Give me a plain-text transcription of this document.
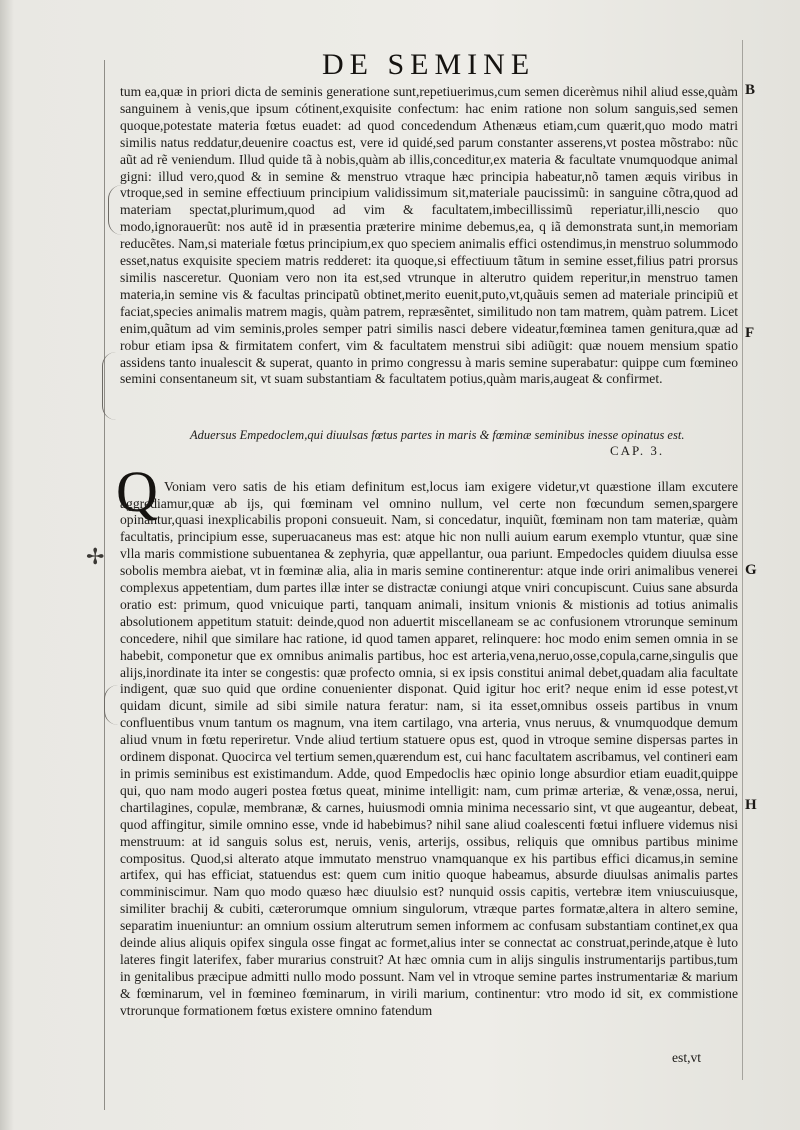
DE SEMINE

tum ea,quæ in priori dicta de seminis generatione sunt,repetiuerimus,cum semen dicerèmus nihil aliud esse,quàm sanguinem à venis,que ipsum cótinent,exquisite confectum: hac enim ratione non solum sanguis,sed semen quoque,potestate materia fœtus euadet: ad quod concedendum Athenæus etiam,cum quærit,quo modo matri similis natus reddatur,deuenire coactus est, vere id quidé,sed parum constanter asserens,vt postea mõstrabo: nũc aũt ad rẽ veniendum. Illud quide tã à nobis,quàm ab illis,conceditur,ex materia & facultate vnumquodque animal gigni: illud vero,quod & in semine & menstruo vtraque hæc principia habeatur,nõ tamen æquis viribus in vtroque,sed in semine effectiuum principium validissimum sit,materiale paucissimũ: in sanguine cõtra,quod ad materiam spectat,plurimum,quod ad vim & facultatem,imbecillissimũ reperiatur,illi,nescio quo modo,ignorauerũt: nos autẽ id in præsentia præterire minime debemus,ea, q iã demonstrata sunt,in memoriam reducẽtes. Nam,si materiale fœtus principium,ex quo speciem animalis effici ostendimus,in menstruo solummodo esset,natus exquisite speciem matris redderet: ita quoque,si effectiuum tãtum in semine esset,filius patri prorsus similis nasceretur. Quoniam vero non ita est,sed vtrunque in alterutro quidem reperitur,in menstruo tamen materia,in semine vis & facultas principatũ obtinet,merito euenit,puto,vt,quãuis semen ad materiale principiũ et faciat,species animalis matrem magis, quàm patrem, repræsẽntet, similitudo non tam matrem, quàm patrem. Licet enim,quãtum ad vim seminis,proles semper patri similis nasci debere videatur,fœminea tamen genitura,quæ ad robur etiam ipsa & firmitatem confert, vim & facultatem menstrui sibi adiũgit: quæ nouem mensium spatio assidens tanto inualescit & superat, quanto in primo congressu à maris semine superabatur: quippe cum fœmineo semini consentaneum sit, vt suam substantiam & facultatem potius,quàm maris,augeat & confirmet.

Aduersus Empedoclem,qui diuulsas fœtus partes in maris & fœminæ seminibus inesse opinatus est.
CAP. 3.
Q Voniam vero satis de his etiam definitum est,locus iam exigere videtur,vt quæstione illam excutere aggrediamur,quæ ab ijs, qui fœminam vel omnino nullum, vel certe non fœcundum semen,spargere opinantur,quasi inexplicabilis proponi consueuit. Nam, si concedatur, inquiũt, fœminam non tam materiæ, quàm facultatis, principium esse, superuacaneus mas est: atque hic non nulli auium earum exemplo vtuntur, quæ sine vlla maris commistione subuentanea & zephyria, quæ appellantur, oua pariunt. Empedocles quidem diuulsa esse sobolis membra aiebat, vt in fœminæ alia, alia in maris semine continerentur: atque inde oriri animalibus venerei complexus appetentiam, dum partes illæ inter se distractæ coniungi atque vniri concupiscunt. Cuius sane absurda oratio est: primum, quod vnicuique parti, tanquam animali, insitum vnionis & mistionis ad totius animalis absolutionem appetitum statuit: deinde,quod non aduertit miscellaneam se ac confusionem vtrorunque seminum concedere, nihil que similare hac ratione, id quod tamen apparet, relinquere: hoc modo enim semen omnia in se habebit, componetur que ex omnibus animalis partibus, hoc est arteria,vena,neruo,osse,copula,carne,singulis que alijs,inordinate ita inter se congestis: quæ profecto omnia, si ex ipsis constitui animal debet,quadam alia facultate indigent, quæ suo quid que ordine conuenienter disponat. Quid igitur hoc erit? neque enim id esse potest,vt quidam dicunt, simile ad sibi simile natura feratur: nam, si ita esset,omnibus osseis partibus in vnum confluentibus vnum tantum os magnum, vna item cartilago, vna arteria, vnus neruus, & vnumquodque demum aliud vnum in fœtu reperiretur. Vnde aliud tertium statuere opus est, quod in vtroque semine dispersas partes in ordinem disponat. Quocirca vel tertium semen,quærendum est, cui hanc facultatem ascribamus, vel contineri eam in primis seminibus est existimandum. Adde, quod Empedoclis hæc opinio longe absurdior etiam euadit,quippe qui, quo nam modo augeri postea fœtus queat, minime intelligit: nam, cum primæ arteriæ, & venæ,ossa, nerui, chartilagines, copulæ, membranæ, & carnes, huiusmodi omnia minima necessario sint, vt que augeantur, debeat, quod affingitur, simile omnino esse, vnde id habebimus? nihil sane aliud coalescenti fœtui influere videmus nisi menstruum: at id sanguis solus est, neruis, venis, arterijs, ossibus, reliquis que omnibus partibus minime compositus. Quod,si alterato atque immutato menstruo vnamquanque ex his partibus effici dicamus,in semine artifex, qui has efficiat, statuendus est: quem cum initio quoque habeamus, absurde diuulsas animalis partes comminiscimur. Nam quo modo quæso hæc diuulsio est? nunquid ossis capitis, vertebræ item vniuscuiusque, similiter brachij & cubiti, cæterorumque omnium singulorum, vtræque partes formatæ,altera in altero semine, separatim inueniuntur: an omnium ossium alterutrum semen informem ac confusam substantiam continet,ex qua deinde alius aliquis opifex singula osse fingat ac formet,alius inter se connectat ac construat,perinde,atque è luto lateres fingit laterifex, faber murarius construit? At hæc omnia cum in alijs singulis instrumentarijs partibus,tum in genitalibus præcipue admitti nullo modo possunt. Nam vel in vtroque semine partes instrumentariæ & marium & fœminarum, vel in fœmineo fœminarum, in virili marium, continentur: vtro modo id sit, ex commistione vtrorunque formationem fœtus existere omnino fatendum

B
F
G
H
✢
est,vt
